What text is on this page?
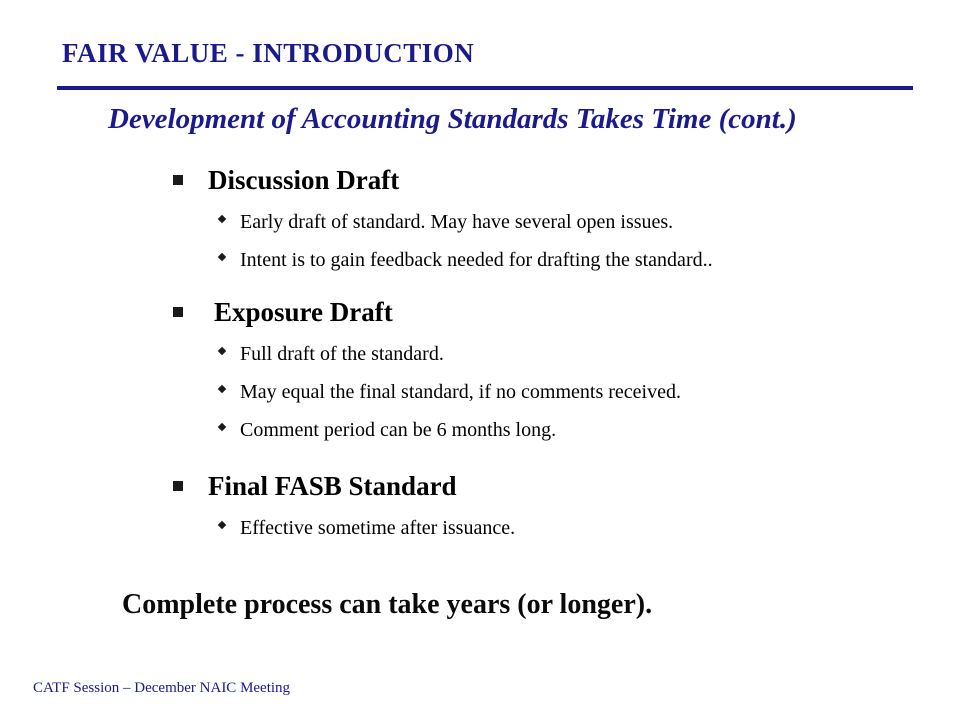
FAIR VALUE - INTRODUCTION
Development of Accounting Standards Takes Time (cont.)
Discussion Draft
Early draft of standard. May have several open issues.
Intent is to gain feedback needed for drafting the standard..
Exposure Draft
Full draft of the standard.
May equal the final standard, if no comments received.
Comment period can be 6 months long.
Final FASB Standard
Effective sometime after issuance.
Complete process can take years (or longer).
CATF Session – December NAIC Meeting
